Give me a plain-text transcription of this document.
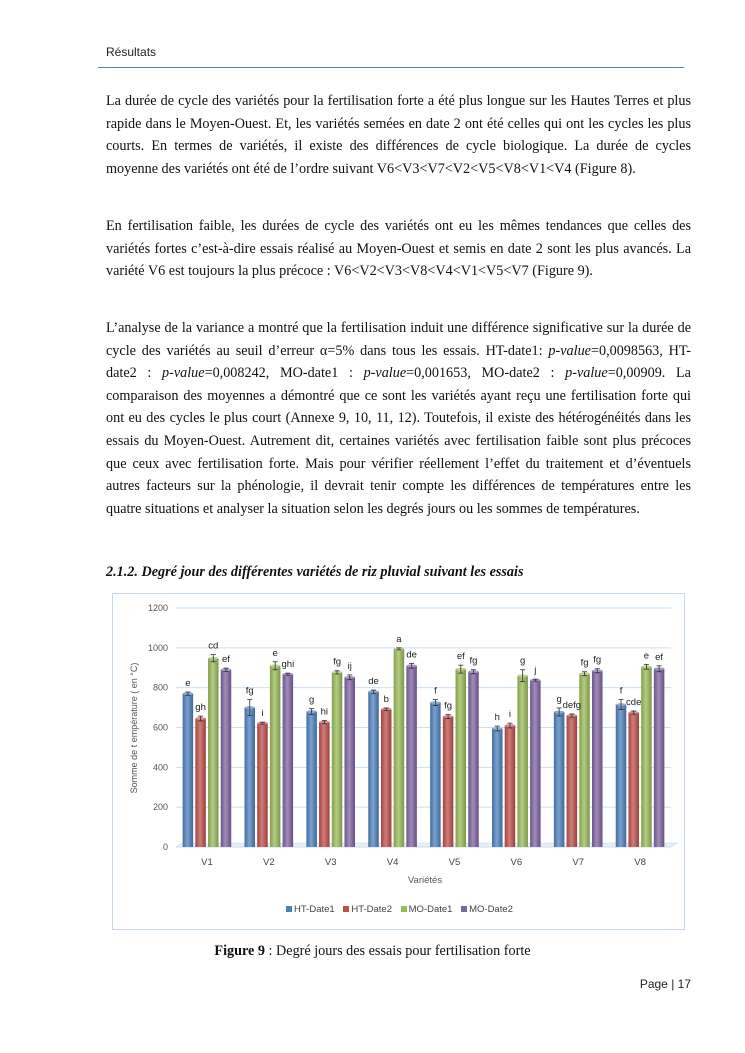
Résultats

La durée de cycle des variétés pour la fertilisation forte a été plus longue sur les Hautes Terres et plus rapide dans le Moyen-Ouest. Et, les variétés semées en date 2 ont été celles qui ont les cycles les plus courts. En termes de variétés, il existe des différences de cycle biologique. La durée de cycles moyenne des variétés ont été de l’ordre suivant V6<V3<V7<V2<V5<V8<V1<V4 (Figure 8).

En fertilisation faible, les durées de cycle des variétés ont eu les mêmes tendances que celles des variétés fortes c’est-à-dire essais réalisé au Moyen-Ouest et semis en date 2 sont les plus avancés. La variété V6 est toujours la plus précoce : V6<V2<V3<V8<V4<V1<V5<V7 (Figure 9).

L’analyse de la variance a montré que la fertilisation induit une différence significative sur la durée de cycle des variétés au seuil d’erreur α=5% dans tous les essais. HT-date1: p-value=0,0098563, HT-date2 : p-value=0,008242, MO-date1 : p-value=0,001653, MO-date2 : p-value=0,00909. La comparaison des moyennes a démontré que ce sont les variétés ayant reçu une fertilisation forte qui ont eu des cycles le plus court (Annexe 9, 10, 11, 12). Toutefois, il existe des hétérogénéités dans les essais du Moyen-Ouest. Autrement dit, certaines variétés avec fertilisation faible sont plus précoces que ceux avec fertilisation forte. Mais pour vérifier réellement l’effet du traitement et d’éventuels autres facteurs sur la phénologie, il devrait tenir compte les différences de températures entre les quatre situations et analyser la situation selon les degrés jours ou les sommes de températures.

2.1.2. Degré jour des différentes variétés de riz pluvial suivant les essais
0
200
400
600
800
1000
1200
V1
e
gh
cd
ef
V2
fg
i
e
ghi
V3
g
hi
fg ij
V4
de
b
a
de
V5
f
fg
ef fg
V6
h i
g
j
V7
g
defg
fg fg
V8
f
cde
e ef
Somme de t empérature ( en °C)
Variétés
HT-Date1 HT-Date2 MO-Date1 MO-Date2
Figure 9 : Degré jours des essais pour fertilisation forte
Page | 17
